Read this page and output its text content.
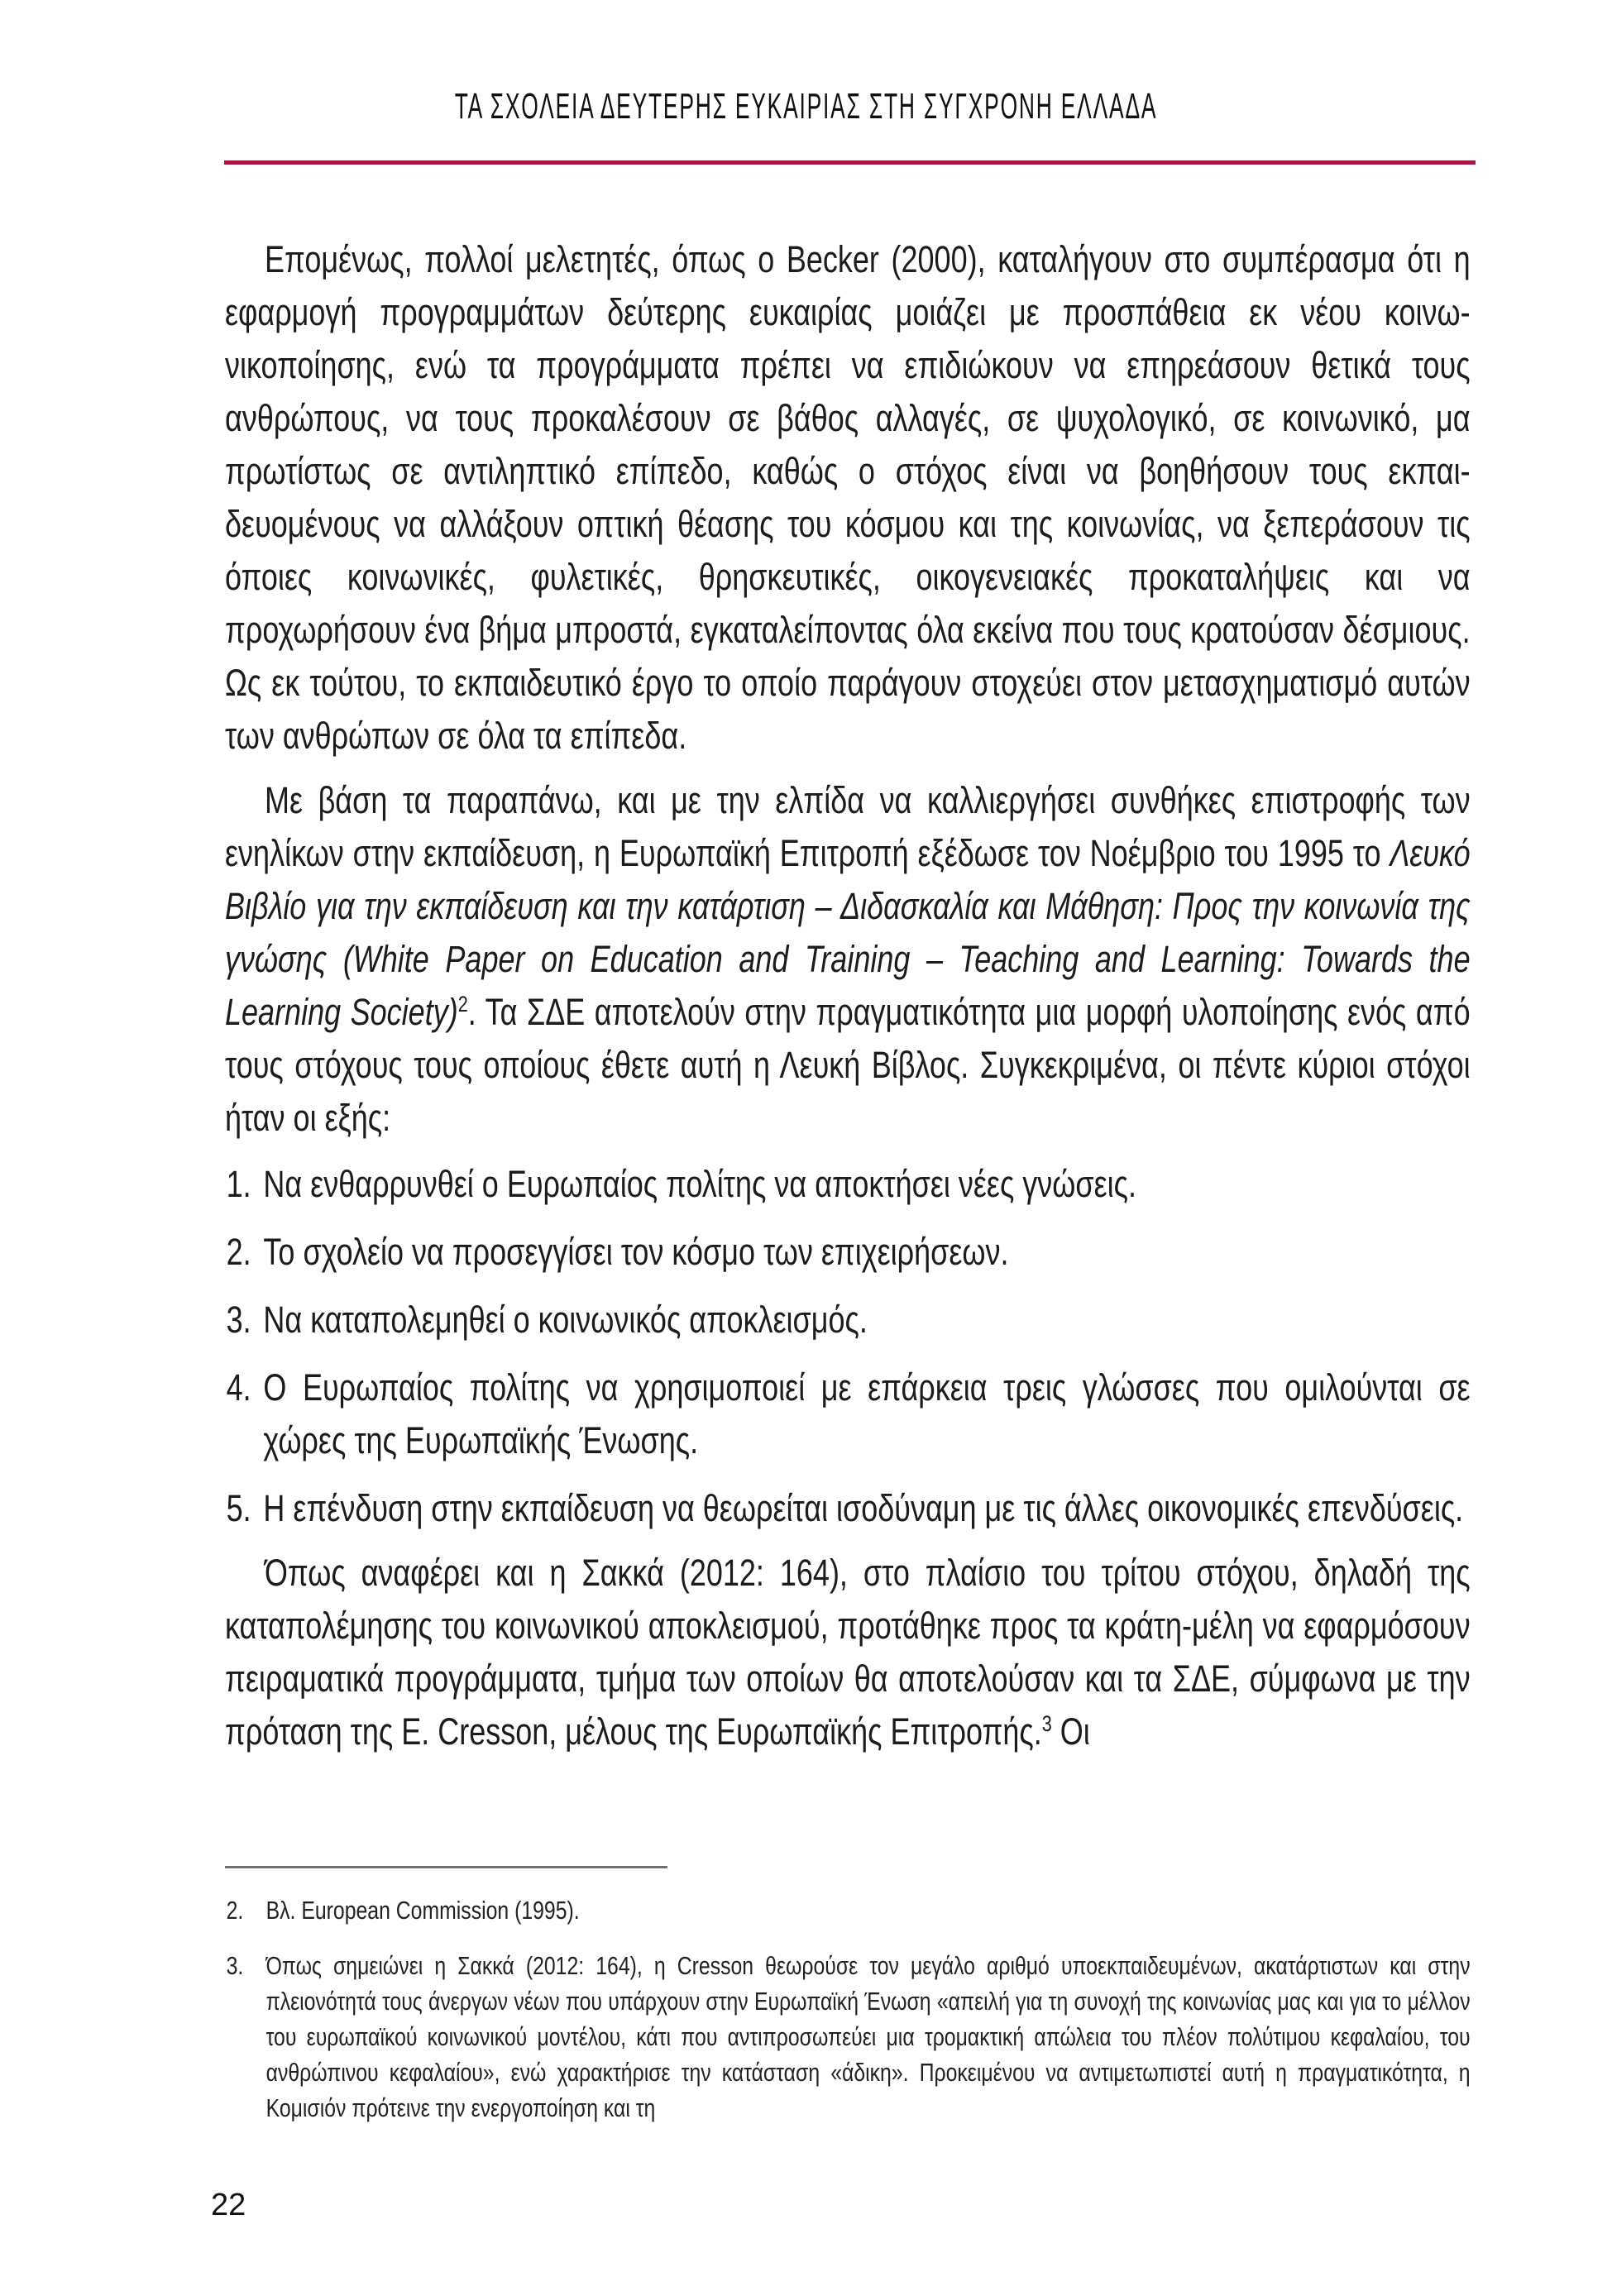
ΤΑ ΣΧΟΛΕΙΑ ΔΕΥΤΕΡΗΣ ΕΥΚΑΙΡΙΑΣ ΣΤΗ ΣΥΓΧΡΟΝΗ ΕΛΛΑΔΑ

Επομένως, πολλοί μελετητές, όπως ο Becker (2000), καταλήγουν στο συμπέρασμα ότι η εφαρμογή προγραμμάτων δεύτερης ευκαιρίας μοιάζει με προσπάθεια εκ νέου κοινωνικοποίησης, ενώ τα προγράμματα πρέπει να επιδιώκουν να επηρεάσουν θετικά τους ανθρώπους, να τους προκαλέσουν σε βάθος αλλαγές, σε ψυχολογικό, σε κοινωνικό, μα πρωτίστως σε αντιληπτικό επίπεδο, καθώς ο στόχος είναι να βοηθήσουν τους εκπαιδευομένους να αλλάξουν οπτική θέασης του κόσμου και της κοινωνίας, να ξεπεράσουν τις όποιες κοινωνικές, φυλετικές, θρησκευτικές, οικογενειακές προκαταλήψεις και να προχωρήσουν ένα βήμα μπροστά, εγκαταλείποντας όλα εκείνα που τους κρατούσαν δέσμιους. Ως εκ τούτου, το εκπαιδευτικό έργο το οποίο παράγουν στοχεύει στον μετασχηματισμό αυτών των ανθρώπων σε όλα τα επίπεδα.

Με βάση τα παραπάνω, και με την ελπίδα να καλλιεργήσει συνθήκες επιστροφής των ενηλίκων στην εκπαίδευση, η Ευρωπαϊκή Επιτροπή εξέδωσε τον Νοέμβριο του 1995 το Λευκό Βιβλίο για την εκπαίδευση και την κατάρτιση – Διδασκαλία και Μάθηση: Προς την κοινωνία της γνώσης (White Paper on Education and Training – Teaching and Learning: Towards the Learning Society)$^2$. Τα ΣΔΕ αποτελούν στην πραγματικότητα μια μορφή υλοποίησης ενός από τους στόχους τους οποίους έθετε αυτή η Λευκή Βίβλος. Συγκεκριμένα, οι πέντε κύριοι στόχοι ήταν οι εξής:

1. Να ενθαρρυνθεί ο Ευρωπαίος πολίτης να αποκτήσει νέες γνώσεις.
2. Το σχολείο να προσεγγίσει τον κόσμο των επιχειρήσεων.
3. Να καταπολεμηθεί ο κοινωνικός αποκλεισμός.
4. Ο Ευρωπαίος πολίτης να χρησιμοποιεί με επάρκεια τρεις γλώσσες που ομιλούνται σε χώρες της Ευρωπαϊκής Ένωσης.
5. Η επένδυση στην εκπαίδευση να θεωρείται ισοδύναμη με τις άλλες οικονομικές επενδύσεις.

Όπως αναφέρει και η Σακκά (2012: 164), στο πλαίσιο του τρίτου στόχου, δηλαδή της καταπολέμησης του κοινωνικού αποκλεισμού, προτάθηκε προς τα κράτη-μέλη να εφαρμόσουν πειραματικά προγράμματα, τμήμα των οποίων θα αποτελούσαν και τα ΣΔΕ, σύμφωνα με την πρόταση της E. Cresson, μέλους της Ευρωπαϊκής Επιτροπής.$^3$ Οι

2. Βλ. European Commission (1995).
3. Όπως σημειώνει η Σακκά (2012: 164), η Cresson θεωρούσε τον μεγάλο αριθμό υποεκπαιδευμένων, ακατάρτιστων και στην πλειονότητά τους άνεργων νέων που υπάρχουν στην Ευρωπαϊκή Ένωση «απειλή για τη συνοχή της κοινωνίας μας και για το μέλλον του ευρωπαϊκού κοινωνικού μοντέλου, κάτι που αντιπροσωπεύει μια τρομακτική απώλεια του πλέον πολύτιμου κεφαλαίου, του ανθρώπινου κεφαλαίου», ενώ χαρακτήρισε την κατάσταση «άδικη». Προκειμένου να αντιμετωπιστεί αυτή η πραγματικότητα, η Κομισιόν πρότεινε την ενεργοποίηση και τη
22
